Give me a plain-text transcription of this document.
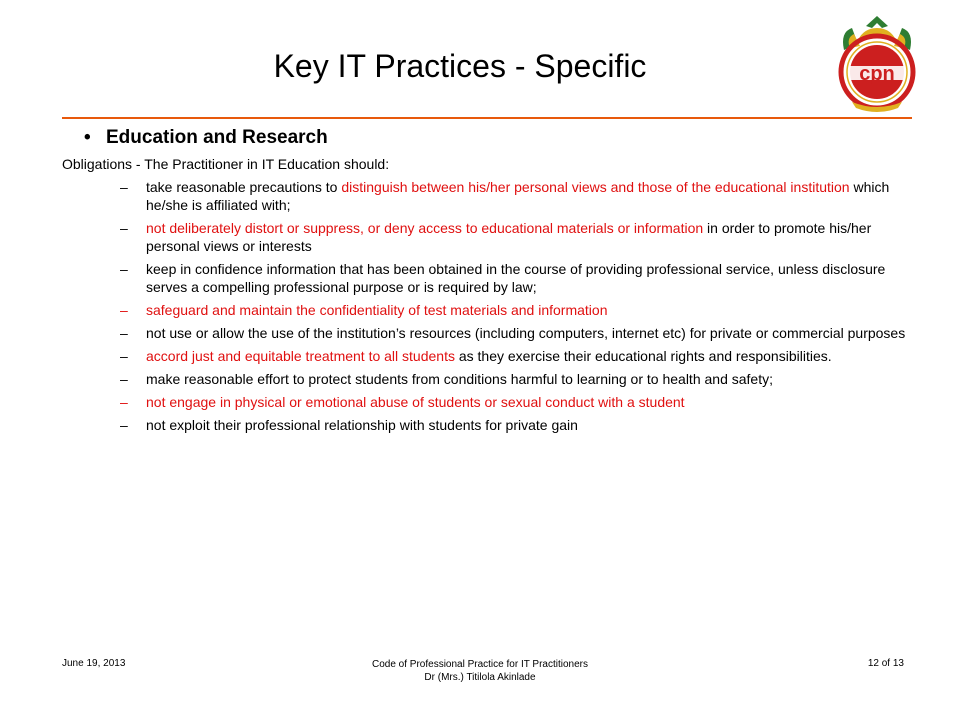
Key IT Practices - Specific	cpn
• Education and Research
Obligations - The Practitioner in IT Education should:
– take reasonable precautions to distinguish between his/her personal views and those of the educational institution which he/she is affiliated with;
– not deliberately distort or suppress, or deny access to educational materials or information in order to promote his/her personal views or interests
– keep in confidence information that has been obtained in the course of providing professional service, unless disclosure serves a compelling professional purpose or is required by law;
– safeguard and maintain the confidentiality of test materials and information
– not use or allow the use of the institution’s resources (including computers, internet etc) for private or commercial purposes
– accord just and equitable treatment to all students as they exercise their educational rights and responsibilities.
– make reasonable effort to protect students from conditions harmful to learning or to health and safety;
– not engage in physical or emotional abuse of students or sexual conduct with a student
– not exploit their professional relationship with students for private gain
June 19, 2013	Code of Professional Practice for IT Practitioners
Dr (Mrs.) Titilola Akinlade
12 of 13
